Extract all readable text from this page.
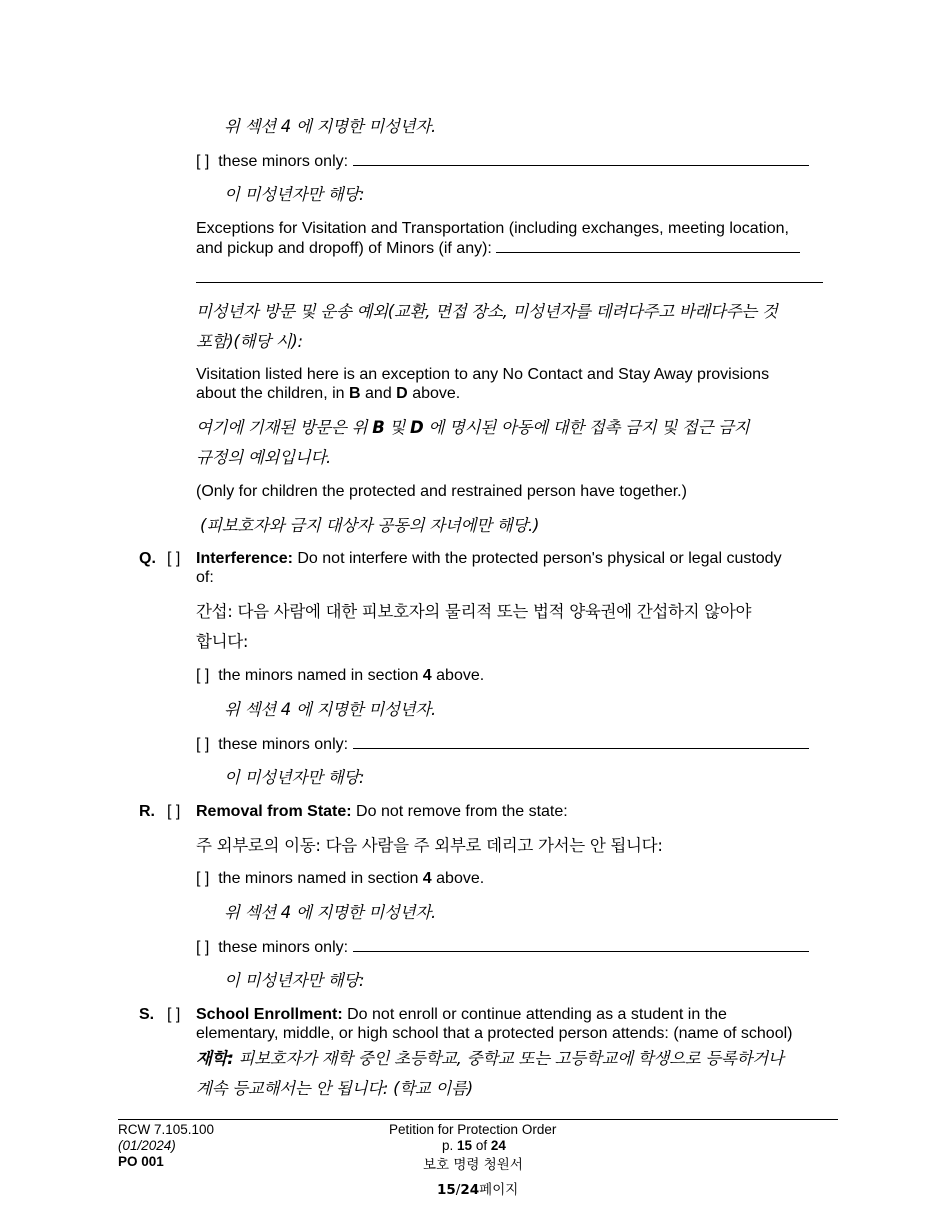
위 섹션 4 에 지명한 미성년자.
[ ] these minors only:
이 미성년자만 해당:
Exceptions for Visitation and Transportation (including exchanges, meeting location,
and pickup and dropoff) of Minors (if any):
미성년자 방문 및 운송 예외(교환, 면접 장소, 미성년자를 데려다주고 바래다주는 것
포함)(해당 시):
Visitation listed here is an exception to any No Contact and Stay Away provisions
about the children, in B and D above.
여기에 기재된 방문은 위 B 및 D 에 명시된 아동에 대한 접촉 금지 및 접근 금지
규정의 예외입니다.
(Only for children the protected and restrained person have together.)
(피보호자와 금지 대상자 공동의 자녀에만 해당.)
Q. [ ] Interference: Do not interfere with the protected person's physical or legal custody
of:
간섭: 다음 사람에 대한 피보호자의 물리적 또는 법적 양육권에 간섭하지 않아야
합니다:
[ ] the minors named in section 4 above.
위 섹션 4 에 지명한 미성년자.
[ ] these minors only:
이 미성년자만 해당:
R. [ ] Removal from State: Do not remove from the state:
주 외부로의 이동: 다음 사람을 주 외부로 데리고 가서는 안 됩니다:
[ ] the minors named in section 4 above.
위 섹션 4 에 지명한 미성년자.
[ ] these minors only:
이 미성년자만 해당:
S. [ ] School Enrollment: Do not enroll or continue attending as a student in the
elementary, middle, or high school that a protected person attends: (name of school)
재학: 피보호자가 재학 중인 초등학교, 중학교 또는 고등학교에 학생으로 등록하거나
계속 등교해서는 안 됩니다: (학교 이름)
RCW 7.105.100
(01/2024)
PO 001
Petition for Protection Order
p. 15 of 24
보호 명령 청원서
15/24페이지
